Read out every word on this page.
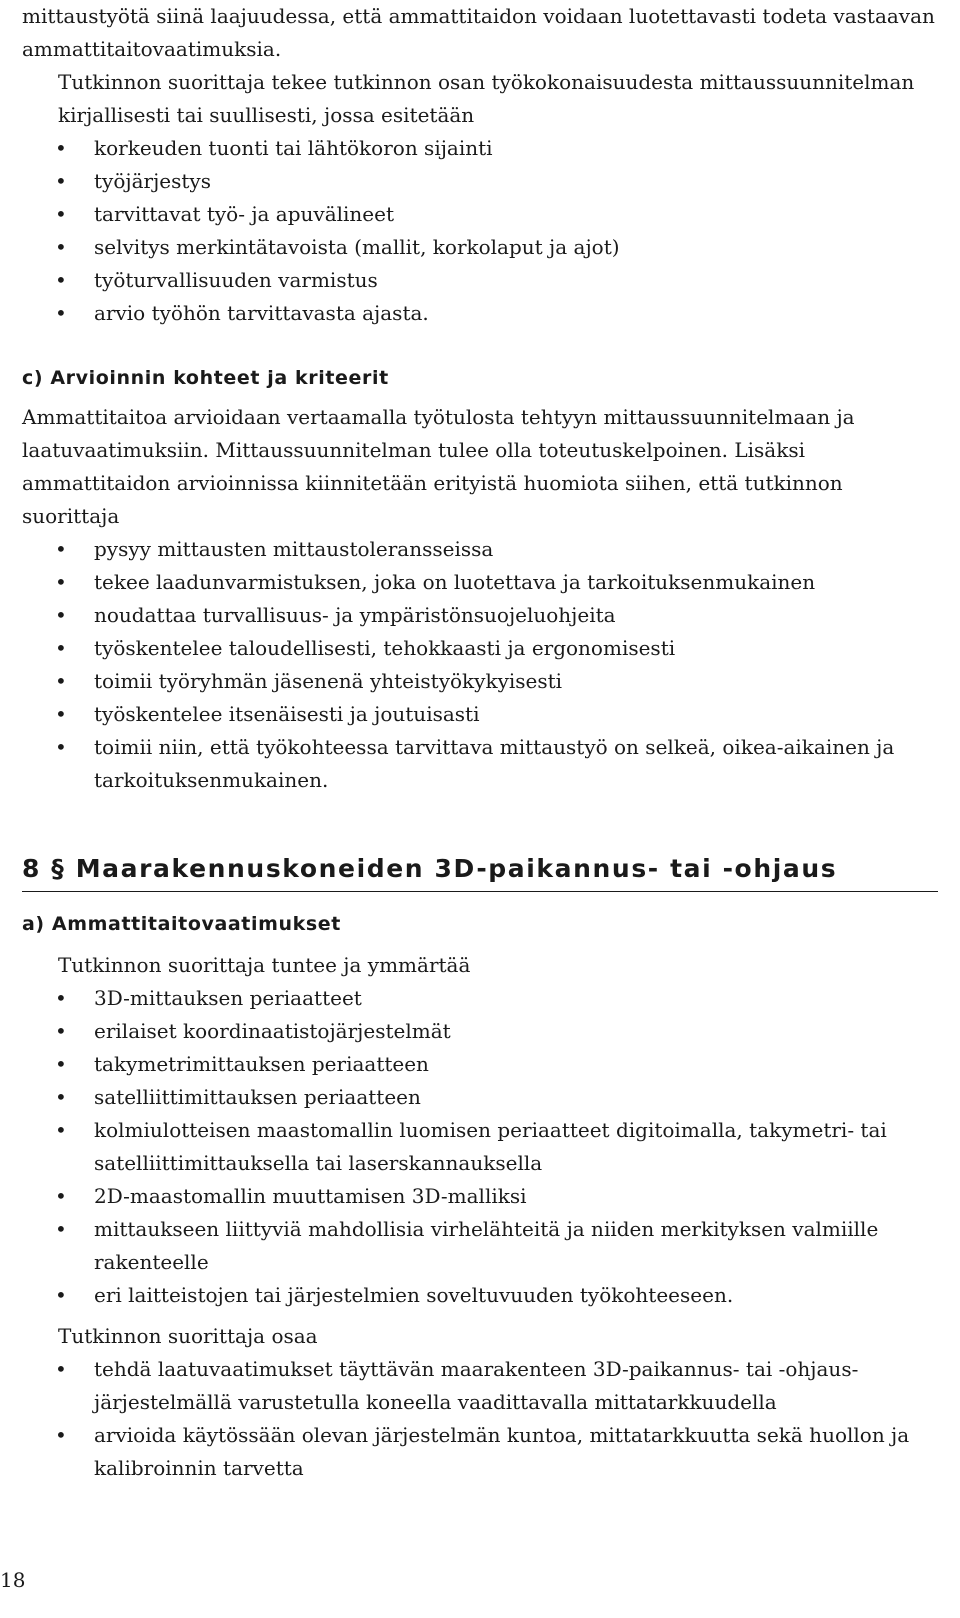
mittaustyötä siinä laajuudessa, että ammattitaidon voidaan luotettavasti todeta vastaavan ammattitaitovaatimuksia.

Tutkinnon suorittaja tekee tutkinnon osan työkokonaisuudesta mittaussuunnitelman kirjallisesti tai suullisesti, jossa esitetään

• korkeuden tuonti tai lähtökoron sijainti
• työjärjestys
• tarvittavat työ- ja apuvälineet
• selvitys merkintätavoista (mallit, korkolaput ja ajot)
• työturvallisuuden varmistus
• arvio työhön tarvittavasta ajasta.
c) Arvioinnin kohteet ja kriteerit

Ammattitaitoa arvioidaan vertaamalla työtulosta tehtyyn mittaussuunnitelmaan ja laatuvaatimuksiin. Mittaussuunnitelman tulee olla toteutuskelpoinen. Lisäksi ammattitaidon arvioinnissa kiinnitetään erityistä huomiota siihen, että tutkinnon suorittaja

• pysyy mittausten mittaustoleransseissa
• tekee laadunvarmistuksen, joka on luotettava ja tarkoituksenmukainen
• noudattaa turvallisuus- ja ympäristönsuojeluohjeita
• työskentelee taloudellisesti, tehokkaasti ja ergonomisesti
• toimii työryhmän jäsenenä yhteistyökykyisesti
• työskentelee itsenäisesti ja joutuisasti
• toimii niin, että työkohteessa tarvittava mittaustyö on selkeä, oikea-aikainen ja tarkoituksenmukainen.
8 § Maarakennuskoneiden 3D-paikannus- tai -ohjaus
a) Ammattitaitovaatimukset

Tutkinnon suorittaja tuntee ja ymmärtää

• 3D-mittauksen periaatteet
• erilaiset koordinaatistojärjestelmät
• takymetrimittauksen periaatteen
• satelliittimittauksen periaatteen
• kolmiulotteisen maastomallin luomisen periaatteet digitoimalla, takymetri- tai satelliittimittauksella tai laserskannauksella
• 2D-maastomallin muuttamisen 3D-malliksi
• mittaukseen liittyviä mahdollisia virhelähteitä ja niiden merkityksen valmiille rakenteelle
• eri laitteistojen tai järjestelmien soveltuvuuden työkohteeseen.

Tutkinnon suorittaja osaa

• tehdä laatuvaatimukset täyttävän maarakenteen 3D-paikannus- tai -ohjausjärjestelmällä varustetulla koneella vaadittavalla mittatarkkuudella
• arvioida käytössään olevan järjestelmän kuntoa, mittatarkkuutta sekä huollon ja kalibroinnin tarvetta
18
